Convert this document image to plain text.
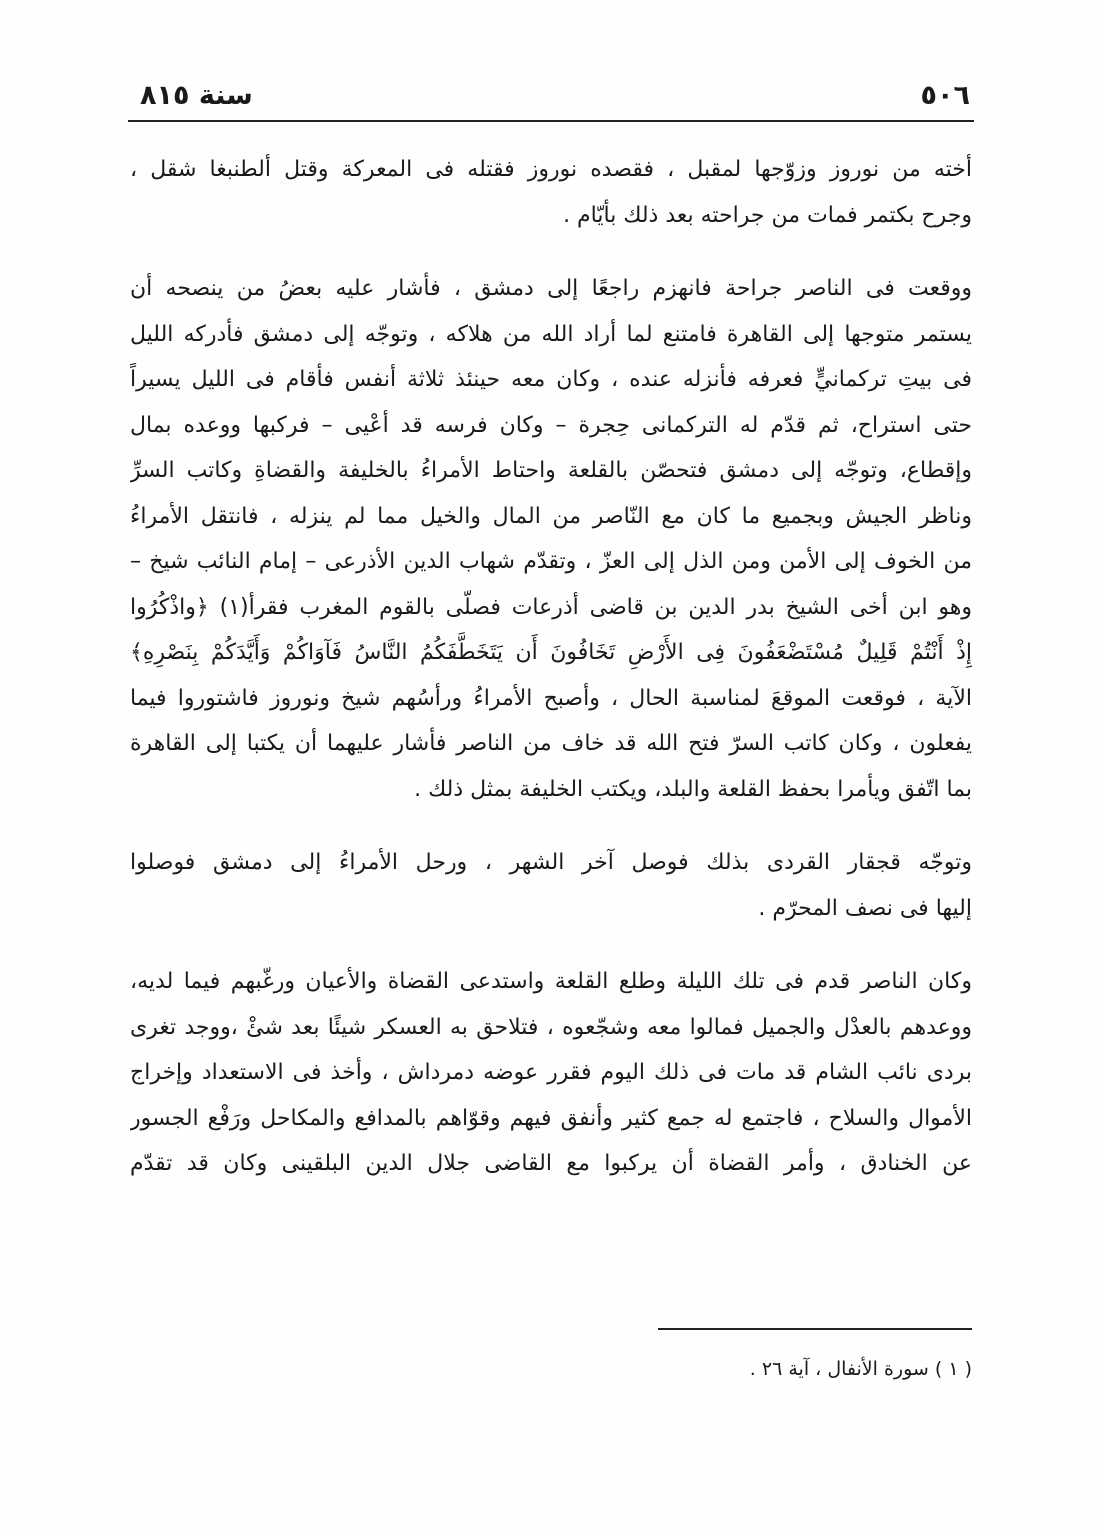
٥٠٦
سنة ٨١٥

أخته من نوروز وزوّجها لمقبل ، فقصده نوروز فقتله فى المعركة وقتل ألطنبغا شقل ،
وجرح بكتمر فمات من جراحته بعد ذلك بأيّام .

ووقعت فى الناصر جراحة فانهزم راجعًا إلى دمشق ، فأشار عليه بعضُ من ينصحه أن
يستمر متوجها إلى القاهرة فامتنع لما أراد الله من هلاكه ، وتوجّه إلى دمشق فأدركه الليل
فى بيتِ تركمانيٍّ فعرفه فأنزله عنده ، وكان معه حينئذ ثلاثة أنفس فأقام فى الليل يسيراً
حتى استراح، ثم قدّم له التركمانى حِجرة – وكان فرسه قد أعْيى – فركبها ووعده بمال
وإقطاع، وتوجّه إلى دمشق فتحصّن بالقلعة واحتاط الأمراءُ بالخليفة والقضاةِ وكاتب السرِّ
وناظر الجيش وبجميع ما كان مع النّاصر من المال والخيل مما لم ينزله ، فانتقل الأمراءُ
من الخوف إلى الأمن ومن الذل إلى العزّ ، وتقدّم شهاب الدين الأذرعى – إمام النائب شيخ –
وهو ابن أخى الشيخ بدر الدين بن قاضى أذرعات فصلّى بالقوم المغرب فقرأ(١) ﴿واذْكُرُوا
إِذْ أَنْتُمْ قَلِيلٌ مُسْتَضْعَفُونَ فِى الأَرْضِ تَخَافُونَ أَن يَتَخَطَّفَكُمُ النَّاسُ فَآوَاكُمْ وَأَيَّدَكُمْ بِنَصْرِهِ﴾
الآية ، فوقعت الموقعَ لمناسبة الحال ، وأصبح الأمراءُ ورأسُهم شيخ ونوروز فاشتوروا فيما
يفعلون ، وكان كاتب السرّ فتح الله قد خاف من الناصر فأشار عليهما أن يكتبا إلى القاهرة
بما اتّفق ويأمرا بحفظ القلعة والبلد، ويكتب الخليفة بمثل ذلك .

وتوجّه قجقار القردى بذلك فوصل آخر الشهر ، ورحل الأمراءُ إلى دمشق فوصلوا
إليها فى نصف المحرّم .

وكان الناصر قدم فى تلك الليلة وطلع القلعة واستدعى القضاة والأعيان ورغّبهم فيما لديه،
ووعدهم بالعدْل والجميل فمالوا معه وشجّعوه ، فتلاحق به العسكر شيئًا بعد شئْ ،ووجد تغرى
بردى نائب الشام قد مات فى ذلك اليوم فقرر عوضه دمرداش ، وأخذ فى الاستعداد وإخراج
الأموال والسلاح ، فاجتمع له جمع كثير وأنفق فيهم وقوّاهم بالمدافع والمكاحل ورَفْع الجسور
عن الخنادق ، وأمر القضاة أن يركبوا مع القاضى جلال الدين البلقينى وكان قد تقدّم

( ١ ) سورة الأنفال ، آية ٢٦ .
